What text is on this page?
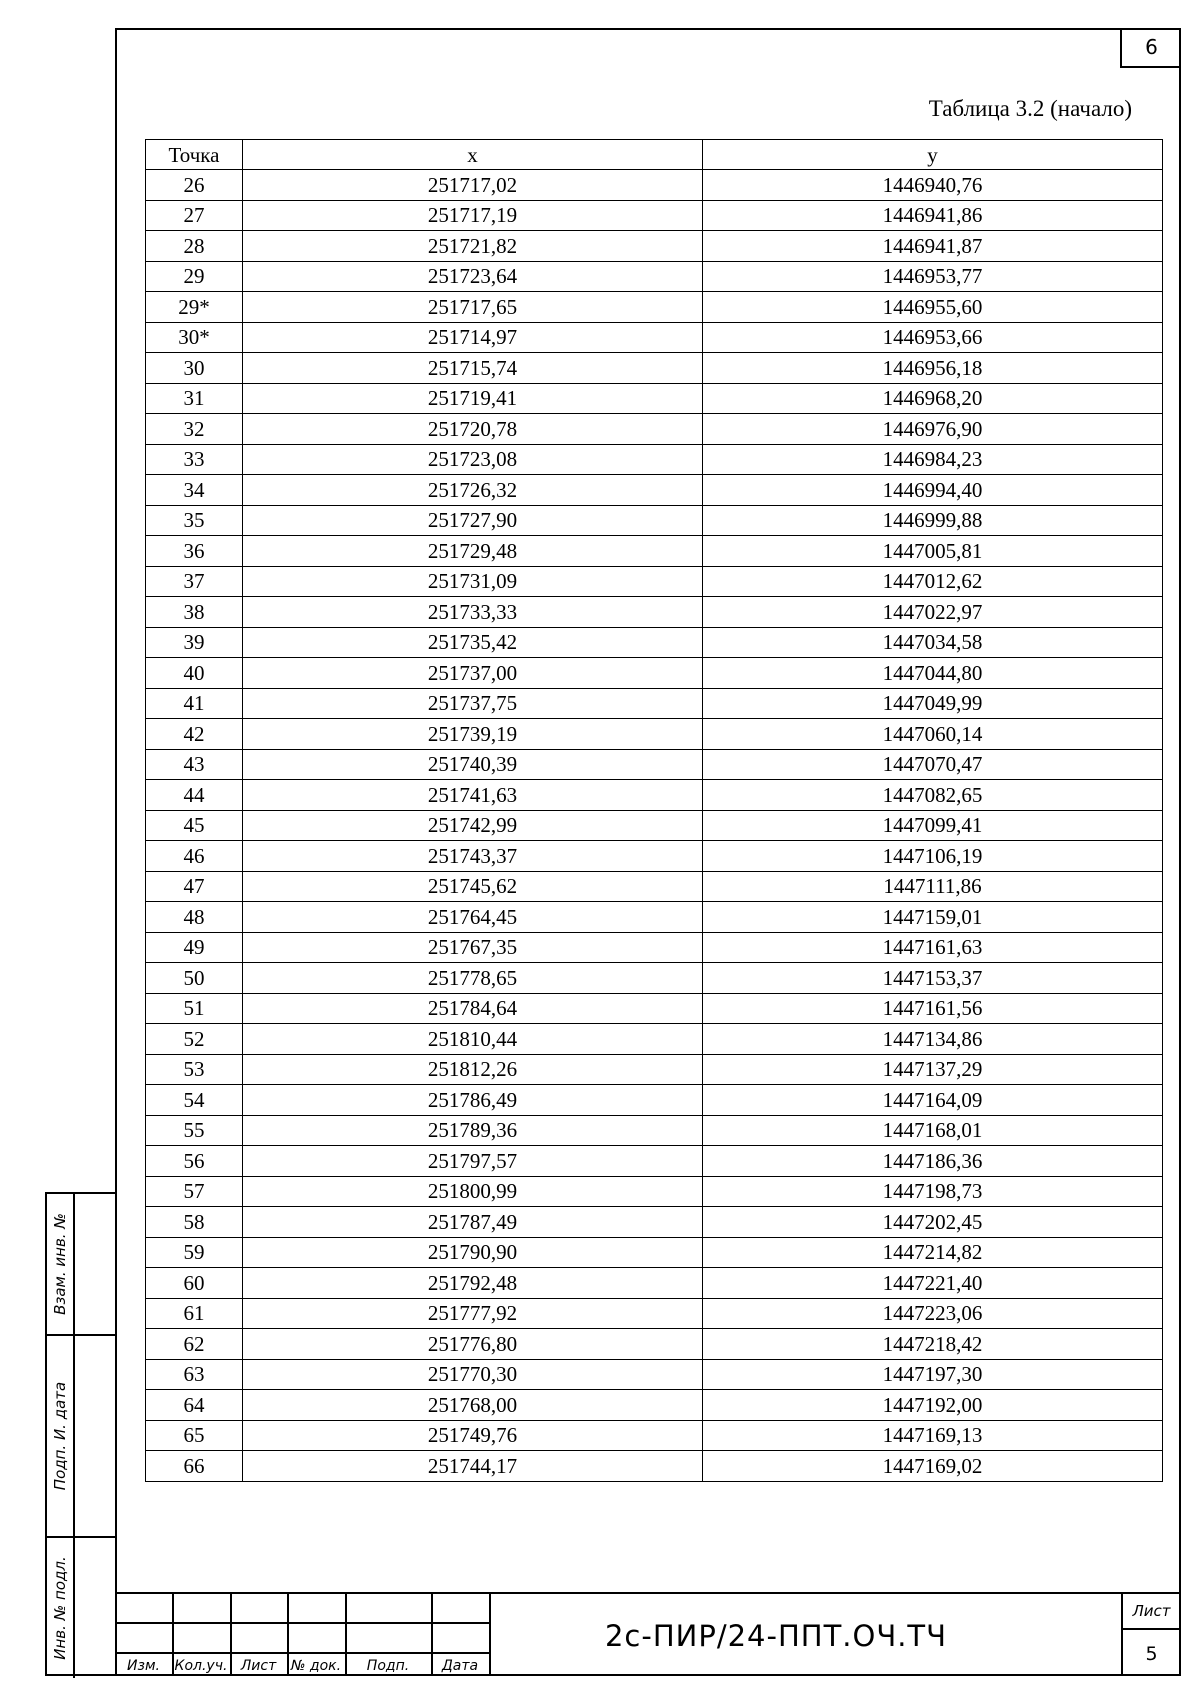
6
Таблица 3.2 (начало)
Точка	x	y
26	251717,02	1446940,76
27	251717,19	1446941,86
28	251721,82	1446941,87
29	251723,64	1446953,77
29*	251717,65	1446955,60
30*	251714,97	1446953,66
30	251715,74	1446956,18
31	251719,41	1446968,20
32	251720,78	1446976,90
33	251723,08	1446984,23
34	251726,32	1446994,40
35	251727,90	1446999,88
36	251729,48	1447005,81
37	251731,09	1447012,62
38	251733,33	1447022,97
39	251735,42	1447034,58
40	251737,00	1447044,80
41	251737,75	1447049,99
42	251739,19	1447060,14
43	251740,39	1447070,47
44	251741,63	1447082,65
45	251742,99	1447099,41
46	251743,37	1447106,19
47	251745,62	1447111,86
48	251764,45	1447159,01
49	251767,35	1447161,63
50	251778,65	1447153,37
51	251784,64	1447161,56
52	251810,44	1447134,86
53	251812,26	1447137,29
54	251786,49	1447164,09
55	251789,36	1447168,01
56	251797,57	1447186,36
57	251800,99	1447198,73
58	251787,49	1447202,45
59	251790,90	1447214,82
60	251792,48	1447221,40
61	251777,92	1447223,06
62	251776,80	1447218,42
63	251770,30	1447197,30
64	251768,00	1447192,00
65	251749,76	1447169,13
66	251744,17	1447169,02
Взам. инв. №
Подп. И. дата
Инв. № подл.
Изм.	Кол.уч. Лист	№ док.	Подп.	Дата
2с-ПИР/24-ППТ.ОЧ.ТЧ
Лист
5
